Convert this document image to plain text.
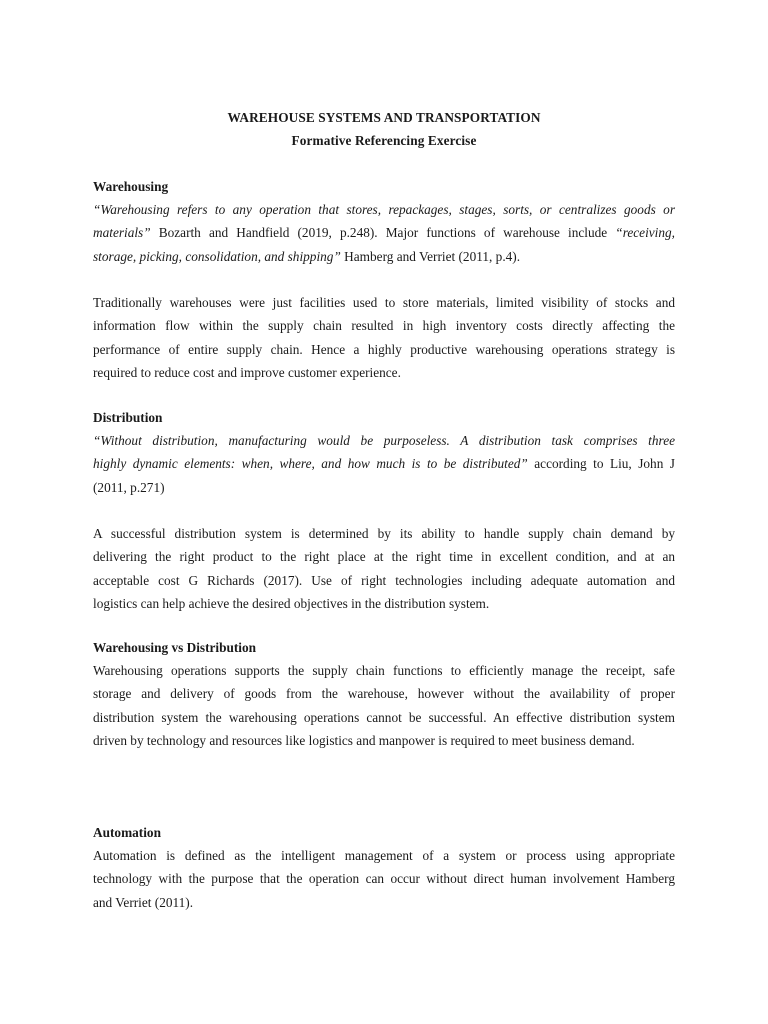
WAREHOUSE SYSTEMS AND TRANSPORTATION
Formative Referencing Exercise
Warehousing
“Warehousing refers to any operation that stores, repackages, stages, sorts, or centralizes goods or
materials” Bozarth and Handfield (2019, p.248). Major functions of warehouse include “receiving,
storage, picking, consolidation, and shipping” Hamberg and Verriet (2011, p.4).
Traditionally warehouses were just facilities used to store materials, limited visibility of stocks and
information flow within the supply chain resulted in high inventory costs directly affecting the
performance of entire supply chain. Hence a highly productive warehousing operations strategy is
required to reduce cost and improve customer experience.
Distribution
“Without distribution, manufacturing would be purposeless. A distribution task comprises three
highly dynamic elements: when, where, and how much is to be distributed” according to Liu, John J
(2011, p.271)
A successful distribution system is determined by its ability to handle supply chain demand by
delivering the right product to the right place at the right time in excellent condition, and at an
acceptable cost G Richards (2017). Use of right technologies including adequate automation and
logistics can help achieve the desired objectives in the distribution system.
Warehousing vs Distribution
Warehousing operations supports the supply chain functions to efficiently manage the receipt, safe
storage and delivery of goods from the warehouse, however without the availability of proper
distribution system the warehousing operations cannot be successful. An effective distribution system
driven by technology and resources like logistics and manpower is required to meet business demand.
Automation
Automation is defined as the intelligent management of a system or process using appropriate
technology with the purpose that the operation can occur without direct human involvement Hamberg
and Verriet (2011).
